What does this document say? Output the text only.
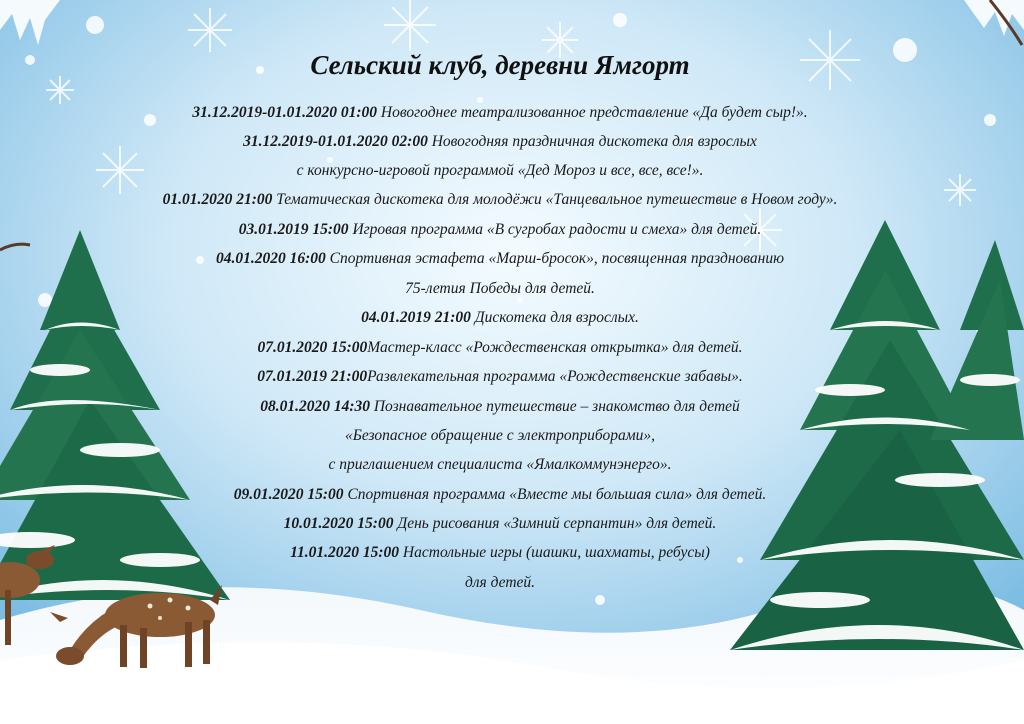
Сельский клуб, деревни Ямгорт
31.12.2019-01.01.2020 01:00 Новогоднее театрализованное представление «Да будет сыр!».
31.12.2019-01.01.2020 02:00 Новогодняя праздничная дискотека для взрослых
с конкурсно-игровой программой «Дед Мороз и все, все, все!».
01.01.2020 21:00 Тематическая дискотека для молодёжи «Танцевальное путешествие в Новом году».
03.01.2019 15:00 Игровая программа «В сугробах радости и смеха» для детей.
04.01.2020 16:00 Спортивная эстафета «Марш-бросок», посвященная празднованию
75-летия Победы для детей.
04.01.2019 21:00 Дискотека для взрослых.
07.01.2020 15:00Мастер-класс «Рождественская открытка» для детей.
07.01.2019 21:00Развлекательная программа «Рождественские забавы».
08.01.2020 14:30 Познавательное путешествие – знакомство для детей
«Безопасное обращение с электроприборами»,
с приглашением специалиста «Ямалкоммунэнерго».
09.01.2020 15:00 Спортивная программа «Вместе мы большая сила» для детей.
10.01.2020 15:00 День рисования «Зимний серпантин» для детей.
11.01.2020 15:00 Настольные игры (шашки, шахматы, ребусы)
для детей.
